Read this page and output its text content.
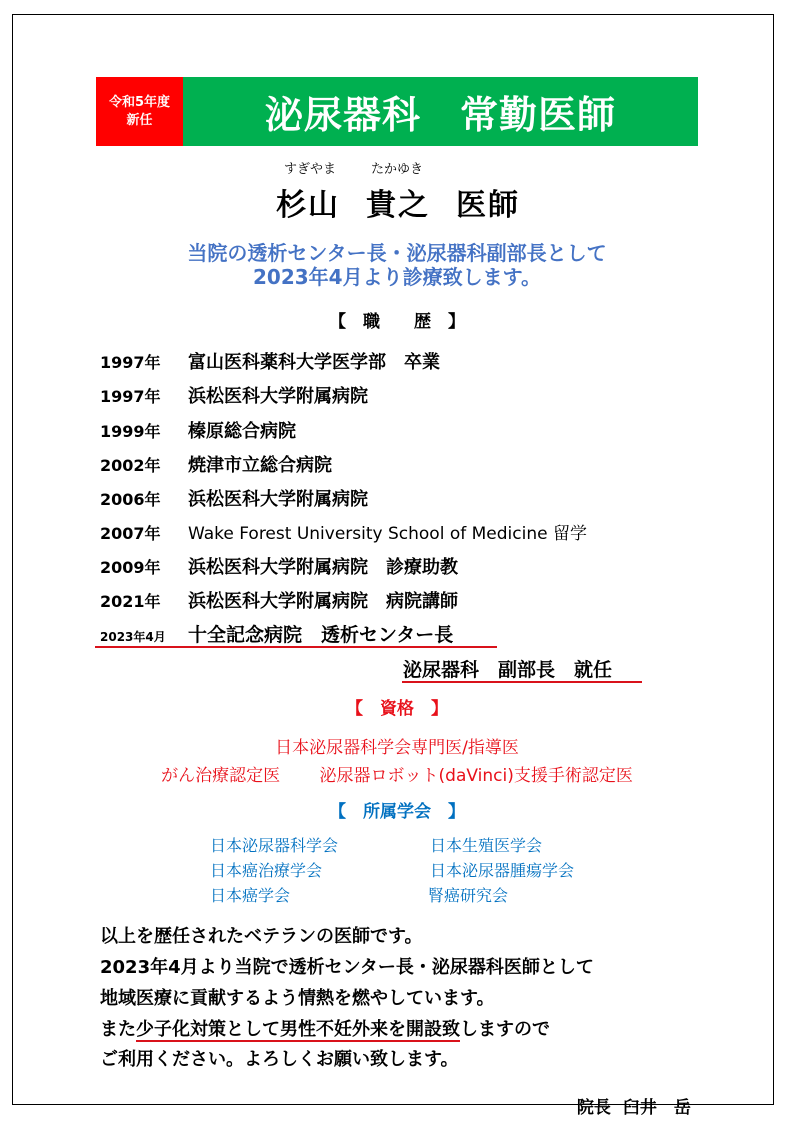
令和5年度
新任	泌尿器科　常勤医師
すぎやま	たかゆき
杉山 貴之 医師
当院の透析センター長・泌尿器科副部長として
2023年4月より診療致します。
【　職　　歴　】
1997年 富山医科薬科大学医学部　卒業
1997年 浜松医科大学附属病院
1999年 榛原総合病院
2002年 焼津市立総合病院
2006年 浜松医科大学附属病院
2007年 Wake Forest University School of Medicine 留学
2009年 浜松医科大学附属病院　診療助教
2021年 浜松医科大学附属病院　病院講師
2023年4月 十全記念病院　透析センター長
泌尿器科　副部長　就任
【　資格　】
日本泌尿器科学会専門医/指導医
がん治療認定医　　 泌尿器ロボット(daVinci)支援手術認定医
【　所属学会　】
日本泌尿器科学会
日本癌治療学会
日本癌学会
日本生殖医学会
日本泌尿器腫瘍学会
腎癌研究会
以上を歴任されたベテランの医師です。
2023年4月より当院で透析センター長・泌尿器科医師として
地域医療に貢献するよう情熱を燃やしています。
また少子化対策として男性不妊外来を開設致しますので
ご利用ください。よろしくお願い致します。

院長 臼井　岳
